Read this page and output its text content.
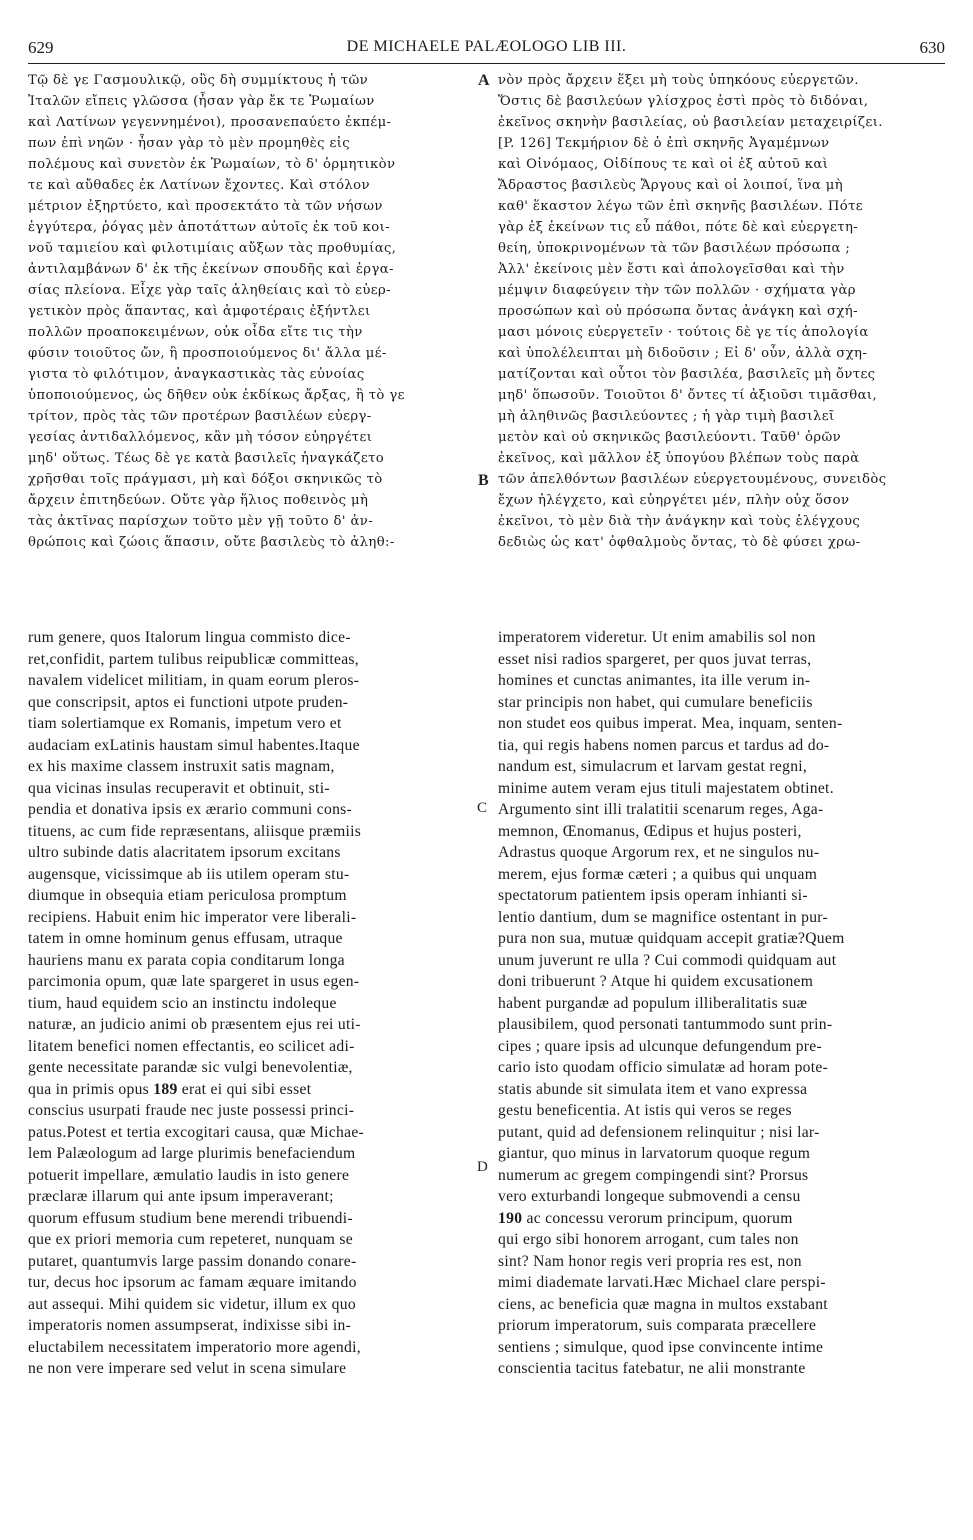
629	DE MICHAELE PALÆOLOGO LIB III.	630
Τῷ δὲ γε Γασμουλικῷ, οὓς δὴ συμμίκτους ἡ τῶν
Ἰταλῶν εἴπεις γλῶσσα (ἦσαν γὰρ ἔκ τε Ῥωμαίων
καὶ Λατίνων γεγεννημένοι), προσανεπαύετο ἐκπέμ-
πων ἐπὶ νηῶν · ἦσαν γὰρ τὸ μὲν προμηθὲς εἰς
πολέμους καὶ συνετὸν ἐκ Ῥωμαίων, τὸ δ' ὁρμητικὸν
τε καὶ αὔθαδες ἐκ Λατίνων ἔχοντες. Καὶ στόλον
μέτριον ἐξηρτύετο, καὶ προσεκτάτο τὰ τῶν νήσων
ἐγγύτερα, ῥόγας μὲν ἀποτάττων αὐτοῖς ἐκ τοῦ κοι-
νοῦ ταμιείου καὶ φιλοτιμίαις αὔξων τὰς προθυμίας,
ἀντιλαμβάνων δ' ἐκ τῆς ἐκείνων σπουδῆς καὶ ἐργα-
σίας πλείονα. Εἶχε γὰρ ταῖς ἀληθείαις καὶ τὸ εὐερ-
γετικὸν πρὸς ἅπαντας, καὶ ἀμφοτέραις ἐξήντλει
πολλῶν προαποκειμένων, οὐκ οἶδα εἴτε τις τὴν
φύσιν τοιοῦτος ὤν, ἢ προσποιούμενος δι' ἄλλα μέ-
γιστα τὸ φιλότιμον, ἀναγκαστικὰς τὰς εὐνοίας
ὑποποιούμενος, ὡς δῆθεν οὐκ ἐκδίκως ἄρξας, ἢ τὸ γε
τρίτον, πρὸς τὰς τῶν προτέρων βασιλέων εὐεργ-
γεσίας ἀντιδαλλόμενος, κἂν μὴ τόσον εὐηργέτει
μηδ' οὕτως. Τέως δὲ γε κατὰ βασιλεῖς ἠναγκάζετο
χρῆσθαι τοῖς πράγμασι, μὴ καὶ δόξοι σκηνικῶς τὸ
ἄρχειν ἐπιτηδεύων. Οὔτε γὰρ ἥλιος ποθεινὸς μὴ
τὰς ἀκτῖνας παρίσχων τοῦτο μὲν γῇ τοῦτο δ' ἀν-
θρώποις καὶ ζώοις ἅπασιν, οὔτε βασιλεὺς τὸ ἀληθ:-
νὸν πρὸς ἄρχειν ἕξει μὴ τοὺς ὑπηκόους εὐεργετῶν.
Ὅστις δὲ βασιλεύων γλίσχρος ἐστὶ πρὸς τὸ διδόναι,
ἐκεῖνος σκηνὴν βασιλείας, οὐ βασιλείαν μεταχειρίζει.
[P. 126] Τεκμήριον δὲ ὁ ἐπὶ σκηνῆς Ἀγαμέμνων
καὶ Οἰνόμαος, Οἰδίπους τε καὶ οἱ ἐξ αὐτοῦ καὶ
Ἄδραστος βασιλεὺς Ἄργους καὶ οἱ λοιποί, ἵνα μὴ
καθ' ἕκαστον λέγω τῶν ἐπὶ σκηνῆς βασιλέων. Πότε
γὰρ ἐξ ἐκείνων τις εὖ πάθοι, πότε δὲ καὶ εὐεργετη-
θείη, ὑποκρινομένων τὰ τῶν βασιλέων πρόσωπα ;
Ἀλλ' ἐκείνοις μὲν ἔστι καὶ ἀπολογεῖσθαι καὶ τὴν
μέμψιν διαφεύγειν τὴν τῶν πολλῶν · σχήματα γὰρ
προσώπων καὶ οὐ πρόσωπα ὄντας ἀνάγκη καὶ σχή-
μασι μόνοις εὐεργετεῖν · τούτοις δὲ γε τίς ἀπολογία
καὶ ὑπολέλειπται μὴ διδοῦσιν ; Εἰ δ' οὖν, ἀλλὰ σχη-
ματίζονται καὶ οὗτοι τὸν βασιλέα, βασιλεῖς μὴ ὄντες
μηδ' ὅπωσοῦν. Τοιοῦτοι δ' ὄντες τί ἀξιοῦσι τιμᾶσθαι,
μὴ ἀληθινῶς βασιλεύοντες ; ἡ γὰρ τιμὴ βασιλεῖ
μετὸν καὶ οὐ σκηνικῶς βασιλεύοντι. Ταῦθ' ὁρῶν
ἐκεῖνος, καὶ μᾶλλον ἐξ ὑπογύου βλέπων τοὺς παρὰ
τῶν ἀπελθόντων βασιλέων εὐεργετουμένους, συνειδὸς
ἔχων ἠλέγχετο, καὶ εὐηργέτει μέν, πλὴν οὐχ ὅσον
ἐκεῖνοι, τὸ μὲν διὰ τὴν ἀνάγκην καὶ τοὺς ἐλέγχους
δεδιὼς ὡς κατ' ὀφθαλμοὺς ὄντας, τὸ δὲ φύσει χρω-
rum genere, quos Italorum lingua commisto dice-
ret,confidit, partem tulibus reipublicæ committeas,
navalem videlicet militiam, in quam eorum pleros-
que conscripsit, aptos ei functioni utpote pruden-
tiam solertiamque ex Romanis, impetum vero et
audaciam exLatinis haustam simul habentes.Itaque
ex his maxime classem instruxit satis magnam,
qua vicinas insulas recuperavit et obtinuit, sti-
pendia et donativa ipsis ex ærario communi cons-
tituens, ac cum fide repræsentans, aliisque præmiis
ultro subinde datis alacritatem ipsorum excitans
augensque, vicissimque ab iis utilem operam stu-
diumque in obsequia etiam periculosa promptum
recipiens. Habuit enim hic imperator vere liberali-
tatem in omne hominum genus effusam, utraque
hauriens manu ex parata copia conditarum longa
parcimonia opum, quæ late spargeret in usus egen-
tium, haud equidem scio an instinctu indoleque
naturæ, an judicio animi ob præsentem ejus rei uti-
litatem benefici nomen effectantis, eo scilicet adi-
gente necessitate parandæ sic vulgi benevolentiæ,
qua in primis opus 189 erat ei qui sibi esset
conscius usurpati fraude nec juste possessi princi-
patus.Potest et tertia excogitari causa, quæ Michae-
lem Palæologum ad large plurimis benefaciendum
potuerit impellare, æmulatio laudis in isto genere
præclaræ illarum qui ante ipsum imperaverant;
quorum effusum studium bene merendi tribuendi-
que ex priori memoria cum repeteret, nunquam se
putaret, quantumvis large passim donando conare-
tur, decus hoc ipsorum ac famam æquare imitando
aut assequi. Mihi quidem sic videtur, illum ex quo
imperatoris nomen assumpserat, indixisse sibi in-
eluctabilem necessitatem imperatorio more agendi,
ne non vere imperare sed velut in scena simulare
imperatorem videretur. Ut enim amabilis sol non
esset nisi radios spargeret, per quos juvat terras,
homines et cunctas animantes, ita ille verum in-
star principis non habet, qui cumulare beneficiis
non studet eos quibus imperat. Mea, inquam, senten-
tia, qui regis habens nomen parcus et tardus ad do-
nandum est, simulacrum et larvam gestat regni,
minime autem veram ejus tituli majestatem obtinet.
Argumento sint illi tralatitii scenarum reges, Aga-
memnon, Œnomanus, Œdipus et hujus posteri,
Adrastus quoque Argorum rex, et ne singulos nu-
merem, ejus formæ cæteri ; a quibus qui unquam
spectatorum patientem ipsis operam inhianti si-
lentio dantium, dum se magnifice ostentant in pur-
pura non sua, mutuæ quidquam accepit gratiæ?Quem
unum juverunt re ulla ? Cui commodi quidquam aut
doni tribuerunt ? Atque hi quidem excusationem
habent purgandæ ad populum illiberalitatis suæ
plausibilem, quod personati tantummodo sunt prin-
cipes ; quare ipsis ad ulcunque defungendum pre-
cario isto quodam officio simulatæ ad horam pote-
statis abunde sit simulata item et vano expressa
gestu beneficentia. At istis qui veros se reges
putant, quid ad defensionem relinquitur ; nisi lar-
giantur, quo minus in larvatorum quoque regum
numerum ac gregem compingendi sint? Prorsus
vero exturbandi longeque submovendi a censu
190 ac concessu verorum principum, quorum
qui ergo sibi honorem arrogant, cum tales non
sint? Nam honor regis veri propria res est, non
mimi diademate larvati.Hæc Michael clare perspi-
ciens, ac beneficia quæ magna in multos exstabant
priorum imperatorum, suis comparata præcellere
sentiens ; simulque, quod ipse convincente intime
conscientia tacitus fatebatur, ne alii monstrante
A
B
C
D
